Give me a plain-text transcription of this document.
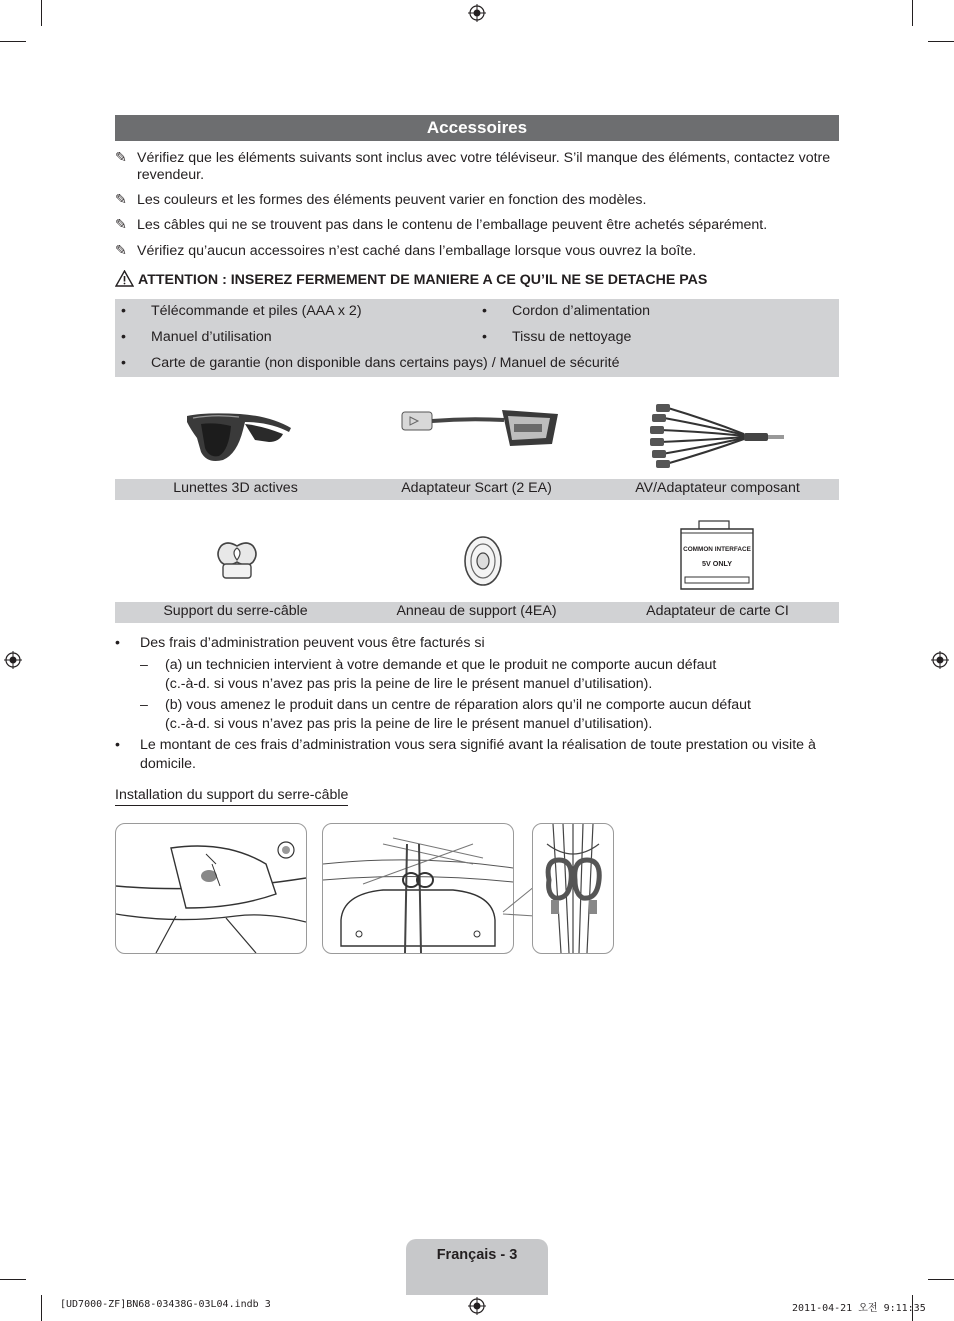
Accessoires
✎ Vérifiez que les éléments suivants sont inclus avec votre téléviseur. S’il manque des éléments, contactez votre revendeur.
✎ Les couleurs et les formes des éléments peuvent varier en fonction des modèles.
✎ Les câbles qui ne se trouvent pas dans le contenu de l’emballage peuvent être achetés séparément.
✎ Vérifiez qu’aucun accessoires n’est caché dans l’emballage lorsque vous ouvrez la boîte.
ATTENTION : INSEREZ FERMEMENT DE MANIERE A CE QU’IL NE SE DETACHE PAS
• Télécommande et piles (AAA x 2)	• Cordon d’alimentation
• Manuel d’utilisation	• Tissu de nettoyage
• Carte de garantie (non disponible dans certains pays) / Manuel de sécurité
Lunettes 3D actives	Adaptateur Scart (2 EA)	AV/Adaptateur composant
COMMON INTERFACE
5V ONLY
Support du serre-câble	Anneau de support (4EA)	Adaptateur de carte CI
•	Des frais d’administration peuvent vous être facturés si
–	(a) un technicien intervient à votre demande et que le produit ne comporte aucun défaut
(c.-à-d. si vous n’avez pas pris la peine de lire le présent manuel d’utilisation).
–	(b) vous amenez le produit dans un centre de réparation alors qu’il ne comporte aucun défaut
(c.-à-d. si vous n’avez pas pris la peine de lire le présent manuel d’utilisation).
•	Le montant de ces frais d’administration vous sera signifié avant la réalisation de toute prestation ou visite à domicile.
Installation du support du serre-câble
Français - 3
[UD7000-ZF]BN68-03438G-03L04.indb 3	2011-04-21 오전 9:11:35
